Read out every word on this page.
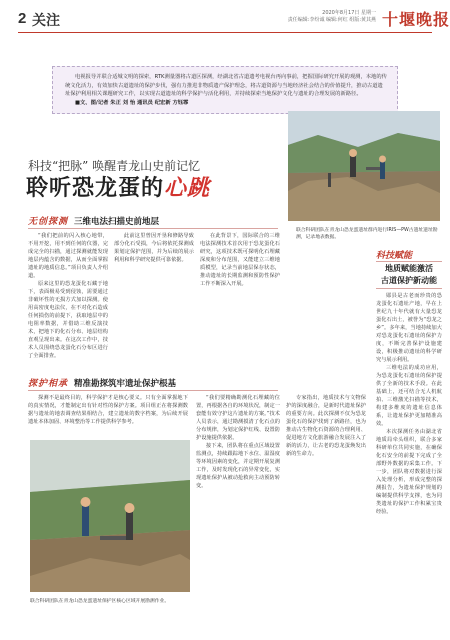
2 关注	2020年8月17日 星期一
责任编辑:李纷诚 编辑:何红 组版:黄其燕 十堰晚报
电视报导并联合适城文明的探索，RTK测量器将古道区探测，经湖北省古道遗考电视台再向事前，把握国际研究开展的观测，本地的传统文化活力，有效加快古道遗址的保护步伐，强有力推进非物质遗产保护理念，将古道资源与当地经济社会结合的价值提升，推动古道遗址保护利用相关课题研究工作，以实现古道遗址的科学保护与活化利用，并持续探索当地保护文化与遗址的合理发展的新路径。
■文、图/记者 朱正 刘 怡 通讯员 纪宏新 方钰霏
科技“把脉” 唤醒青龙山史前记忆
聆听恐龙蛋的心跳
联合科研团队在青龙山恐龙蛋遗址群内进行IRIS—PW古遗址遗址勘测，记录地表数据。
无创探测 三维电法扫描史前地层

“我们把前的闪入核心地带，不用开挖，用不到任何的仪器，完成完全的扫描，通过探测就能发现地层内蕴含的数据，从而全面掌握遗址的地质信息。”项目负责人介绍道。

原来这里的恐龙蛋化石藏于地下，表面极易受到侵蚀，需要通过非破坏性的无损方式加以探测。使用高密度电法仪，在不对化石造成任何损伤的前提下，获取地层中的电阻率数据，并借助三维反演技术，把地下的化石分布、地层结构直观呈现出来。在这次工作中，技术人员围绕恐龙蛋化石分布区进行了全面排查。

此前这里曾因开垦和修路导致部分化石受损，今后将依托探测成果划定保护范围，并为后续的展示利用和科学研究提供可靠依据。

在此背景下，国际联合的三维电法探测技术首次用于恐龙蛋化石研究，这项技术既可探明化石埋藏深度和分布范围，又能建立三维地质模型，记录当前地层保存状态，推动遗址的长期监测和预防性保护工作不断深入开展。

探护相承 精准勘探筑牢遗址保护根基

探测不是最终目的，科学保护才是核心要义。只有全面掌握地下的真实情况，才能制定出有针对性的保护方案。项目组正在将探测数据与遗址的地表调查结果相结合，建立遗址的数字档案，为后续开展遗址本体加固、环境整治等工作提供科学参考。

“我们要精确勘测化石埋藏的位置，再根据各自的环境状况，制定一套能有效守护这片遗址的方案。”技术人员表示，通过勘测摸清了化石点的分布规律，为划定保护红线、设置防护设施提供依据。

接下来，团队将在重点区域设置监测点，持续跟踪地下水位、温湿度等环境因素的变化，并定期开展复测工作，及时发现化石的异常变化，实现遗址保护从被动抢救向主动预防转变。

专家指出，地质技术与文物保护的深度融合，是新时代遗址保护的重要方向。此次探测不仅为恐龙蛋化石的保护找到了新路径，也为推动古生物化石资源的合理利用、促进地方文化旅游融合发展注入了新的活力，让古老的恐龙蛋焕发出新的生命力。

联合科研团队在青龙山恐龙蛋遗址保护区核心区域开展勘测作业。
科技赋能
地质赋能激活
古道保护新动能

郧县是古老而珍贵的恐龙蛋化石遗址产地，早在上世纪九十年代就有大量恐龙蛋化石出土，被誉为“恐龙之乡”。多年来，当地持续加大对恐龙蛋化石遗址的保护力度，不断完善保护设施建设，积极推动遗址的科学研究与展示利用。

三维电法的成功应用，为恐龙蛋化石遗址的保护提供了全新的技术手段。在此基础上，还可结合无人机航拍、三维激光扫描等技术，构建多维度的遗址信息体系，让遗址保护更加精准高效。

本次探测任务由湖北省地质局牵头组织，联合多家科研单位共同实施，在确保化石安全的前提下完成了全部野外数据的采集工作。下一步，团队将对数据进行深入处理分析，形成完整的探测报告，为遗址保护规划的编制提供科学支撑，也为同类遗址的保护工作积累宝贵经验。
